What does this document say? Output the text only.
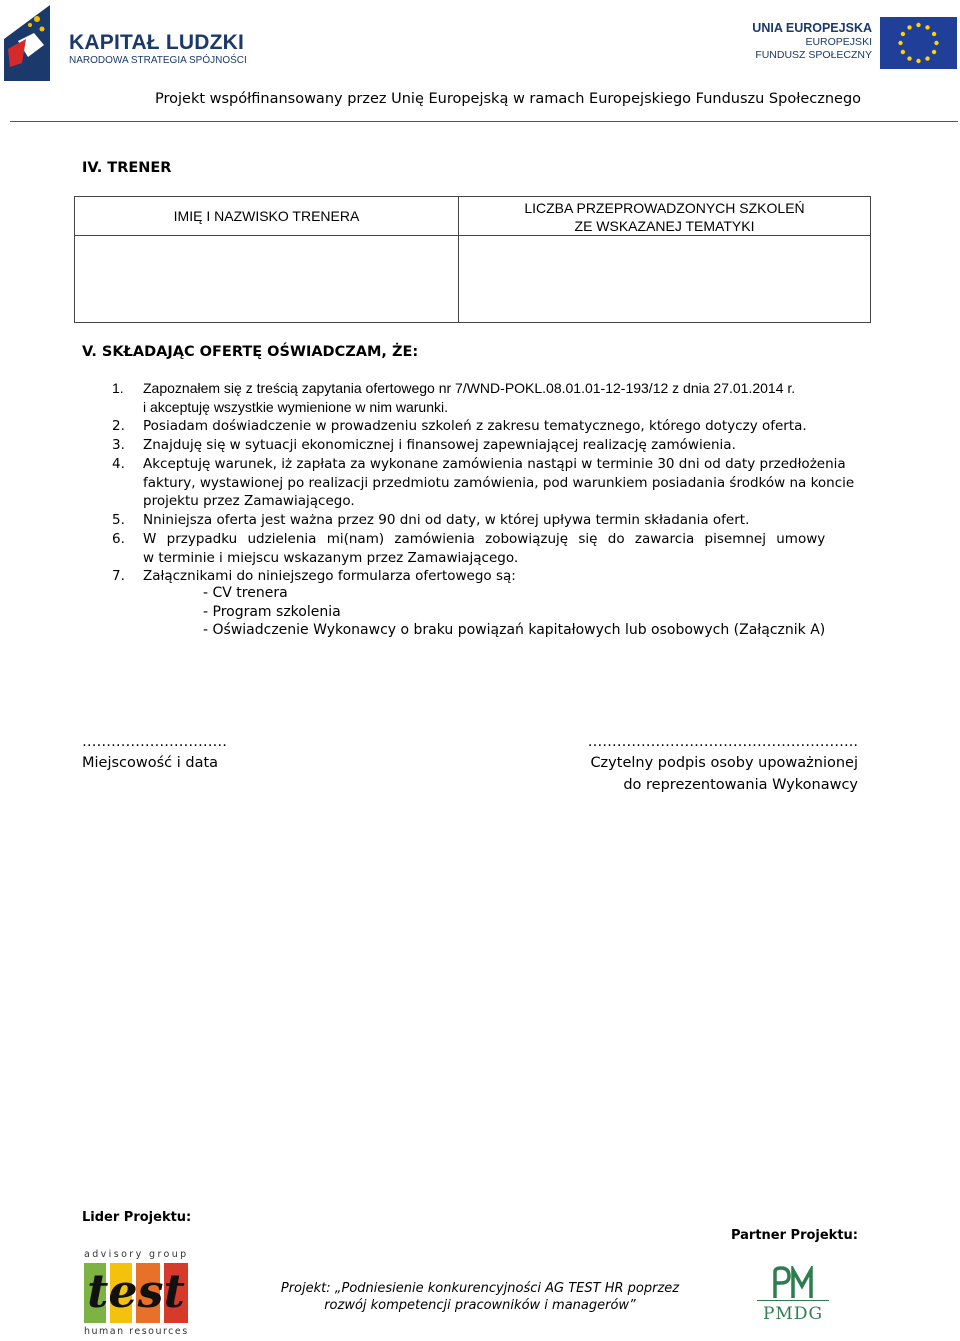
KAPITAŁ LUDZKI
NARODOWA STRATEGIA SPÓJNOŚCI
UNIA EUROPEJSKA
EUROPEJSKI
FUNDUSZ SPOŁECZNY
Projekt współfinansowany przez Unię Europejską w ramach Europejskiego Funduszu Społecznego
IV. TRENER
IMIĘ I NAZWISKO TRENERA	LICZBA PRZEPROWADZONYCH SZKOLEŃ
ZE WSKAZANEJ TEMATYKI
V. SKŁADAJĄC OFERTĘ OŚWIADCZAM, ŻE:
1. Zapoznałem się z treścią zapytania ofertowego nr 7/WND-POKL.08.01.01-12-193/12 z dnia 27.01.2014 r.
i akceptuję wszystkie wymienione w nim warunki.
2. Posiadam doświadczenie w prowadzeniu szkoleń z zakresu tematycznego, którego dotyczy oferta.
3. Znajduję się w sytuacji ekonomicznej i finansowej zapewniającej realizację zamówienia.
4. Akceptuję warunek, iż zapłata za wykonane zamówienia nastąpi w terminie 30 dni od daty przedłożenia
faktury, wystawionej po realizacji przedmiotu zamówienia, pod warunkiem posiadania środków na koncie
projektu przez Zamawiającego.
5. Nniniejsza oferta jest ważna przez 90 dni od daty, w której upływa termin składania ofert.
6. W przypadku udzielenia mi(nam) zamówienia zobowiązuję się do zawarcia pisemnej umowy
w terminie i miejscu wskazanym przez Zamawiającego.
7. Załącznikami do niniejszego formularza ofertowego są:
- CV trenera
- Program szkolenia
- Oświadczenie Wykonawcy o braku powiązań kapitałowych lub osobowych (Załącznik A)
…………………………
Miejscowość i data
………………………………………………..
Czytelny podpis osoby upoważnionej
do reprezentowania Wykonawcy
Lider Projektu:
Partner Projektu:
advisory group
test
human resources
Projekt: „Podniesienie konkurencyjności AG TEST HR poprzez
rozwój kompetencji pracowników i managerów”	PMDG
